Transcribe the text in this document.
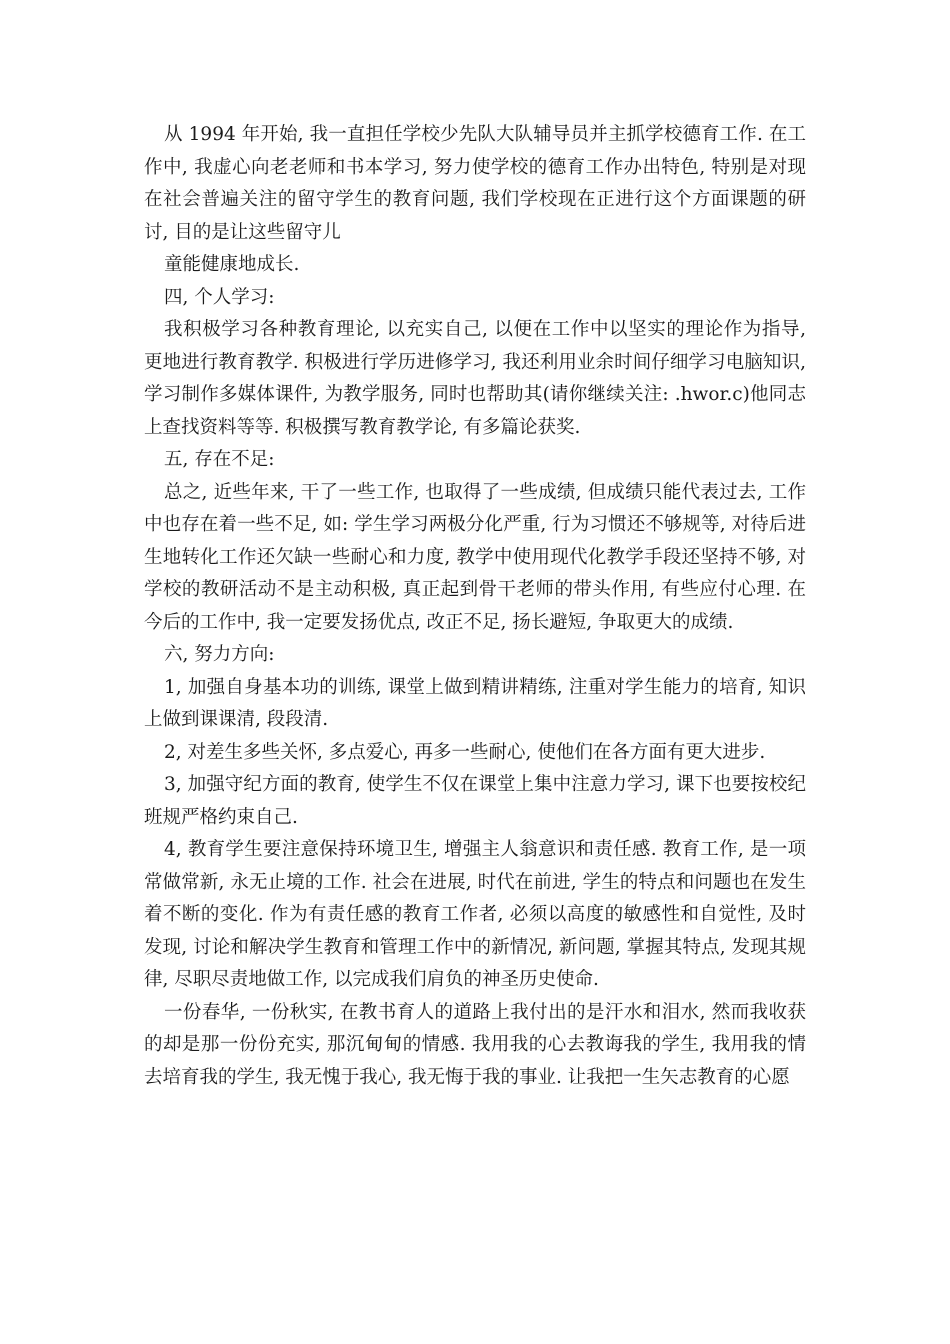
从 1994 年开始, 我一直担任学校少先队大队辅导员并主抓学校德育工作. 在工作中, 我虚心向老老师和书本学习, 努力使学校的德育工作办出特色, 特别是对现在社会普遍关注的留守学生的教育问题, 我们学校现在正进行这个方面课题的研讨, 目的是让这些留守儿

童能健康地成长.

四, 个人学习:

我积极学习各种教育理论, 以充实自己, 以便在工作中以坚实的理论作为指导, 更地进行教育教学. 积极进行学历进修学习, 我还利用业余时间仔细学习电脑知识, 学习制作多媒体课件, 为教学服务, 同时也帮助其(请你继续关注: .hwor.c)他同志上查找资料等等. 积极撰写教育教学论, 有多篇论获奖.

五, 存在不足:

总之, 近些年来, 干了一些工作, 也取得了一些成绩, 但成绩只能代表过去, 工作中也存在着一些不足, 如: 学生学习两极分化严重, 行为习惯还不够规等, 对待后进生地转化工作还欠缺一些耐心和力度, 教学中使用现代化教学手段还坚持不够, 对学校的教研活动不是主动积极, 真正起到骨干老师的带头作用, 有些应付心理. 在今后的工作中, 我一定要发扬优点, 改正不足, 扬长避短, 争取更大的成绩.

六, 努力方向:

1, 加强自身基本功的训练, 课堂上做到精讲精练, 注重对学生能力的培育, 知识上做到课课清, 段段清.

2, 对差生多些关怀, 多点爱心, 再多一些耐心, 使他们在各方面有更大进步.

3, 加强守纪方面的教育, 使学生不仅在课堂上集中注意力学习, 课下也要按校纪班规严格约束自己.

4, 教育学生要注意保持环境卫生, 增强主人翁意识和责任感. 教育工作, 是一项常做常新, 永无止境的工作. 社会在进展, 时代在前进, 学生的特点和问题也在发生着不断的变化. 作为有责任感的教育工作者, 必须以高度的敏感性和自觉性, 及时发现, 讨论和解决学生教育和管理工作中的新情况, 新问题, 掌握其特点, 发现其规律, 尽职尽责地做工作, 以完成我们肩负的神圣历史使命.

一份春华, 一份秋实, 在教书育人的道路上我付出的是汗水和泪水, 然而我收获的却是那一份份充实, 那沉甸甸的情感. 我用我的心去教诲我的学生, 我用我的情去培育我的学生, 我无愧于我心, 我无悔于我的事业. 让我把一生矢志教育的心愿
